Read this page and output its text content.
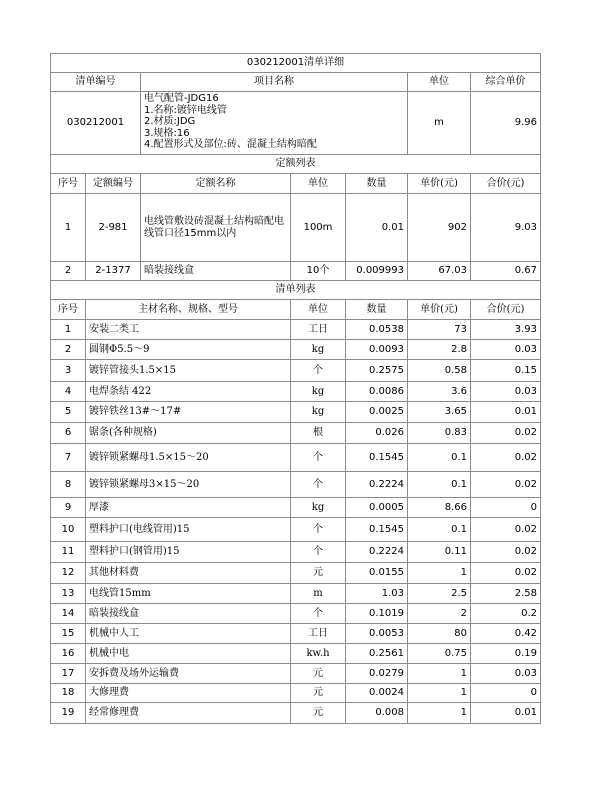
030212001清单详细						
清单编号		项目名称			单位	综合单价
030212001		电气配管-JDG16
1.名称:镀锌电线管
2.材质:JDG
3.规格:16
4.配置形式及部位:砖、混凝土结构暗配			m	9.96
定额列表						
序号	定额编号	定额名称	单位	数量	单价(元)	合价(元)
1	2-981	电线管敷设砖混凝土结构暗配电线管口径15mm以内	100m	0.01	902	9.03
2	2-1377	暗装接线盒	10个	0.009993	67.03	0.67
清单列表						
序号	主材名称、规格、型号		单位	数量	单价(元)	合价(元)
1	安装二类工		工日	0.0538	73	3.93
2	圆钢Φ5.5～9		kg	0.0093	2.8	0.03
3	镀锌管接头1.5×15		个	0.2575	0.58	0.15
4	电焊条结 422		kg	0.0086	3.6	0.03
5	镀锌铁丝13#～17#		kg	0.0025	3.65	0.01
6	锯条(各种规格)		根	0.026	0.83	0.02
7	镀锌锁紧螺母1.5×15～20		个	0.1545	0.1	0.02
8	镀锌锁紧螺母3×15～20		个	0.2224	0.1	0.02
9	厚漆		kg	0.0005	8.66	0
10	塑料护口(电线管用)15		个	0.1545	0.1	0.02
11	塑料护口(钢管用)15		个	0.2224	0.11	0.02
12	其他材料费		元	0.0155	1	0.02
13	电线管15mm		m	1.03	2.5	2.58
14	暗装接线盒		个	0.1019	2	0.2
15	机械中人工		工日	0.0053	80	0.42
16	机械中电		kw.h	0.2561	0.75	0.19
17	安拆费及场外运输费		元	0.0279	1	0.03
18	大修理费		元	0.0024	1	0
19	经常修理费		元	0.008	1	0.01
